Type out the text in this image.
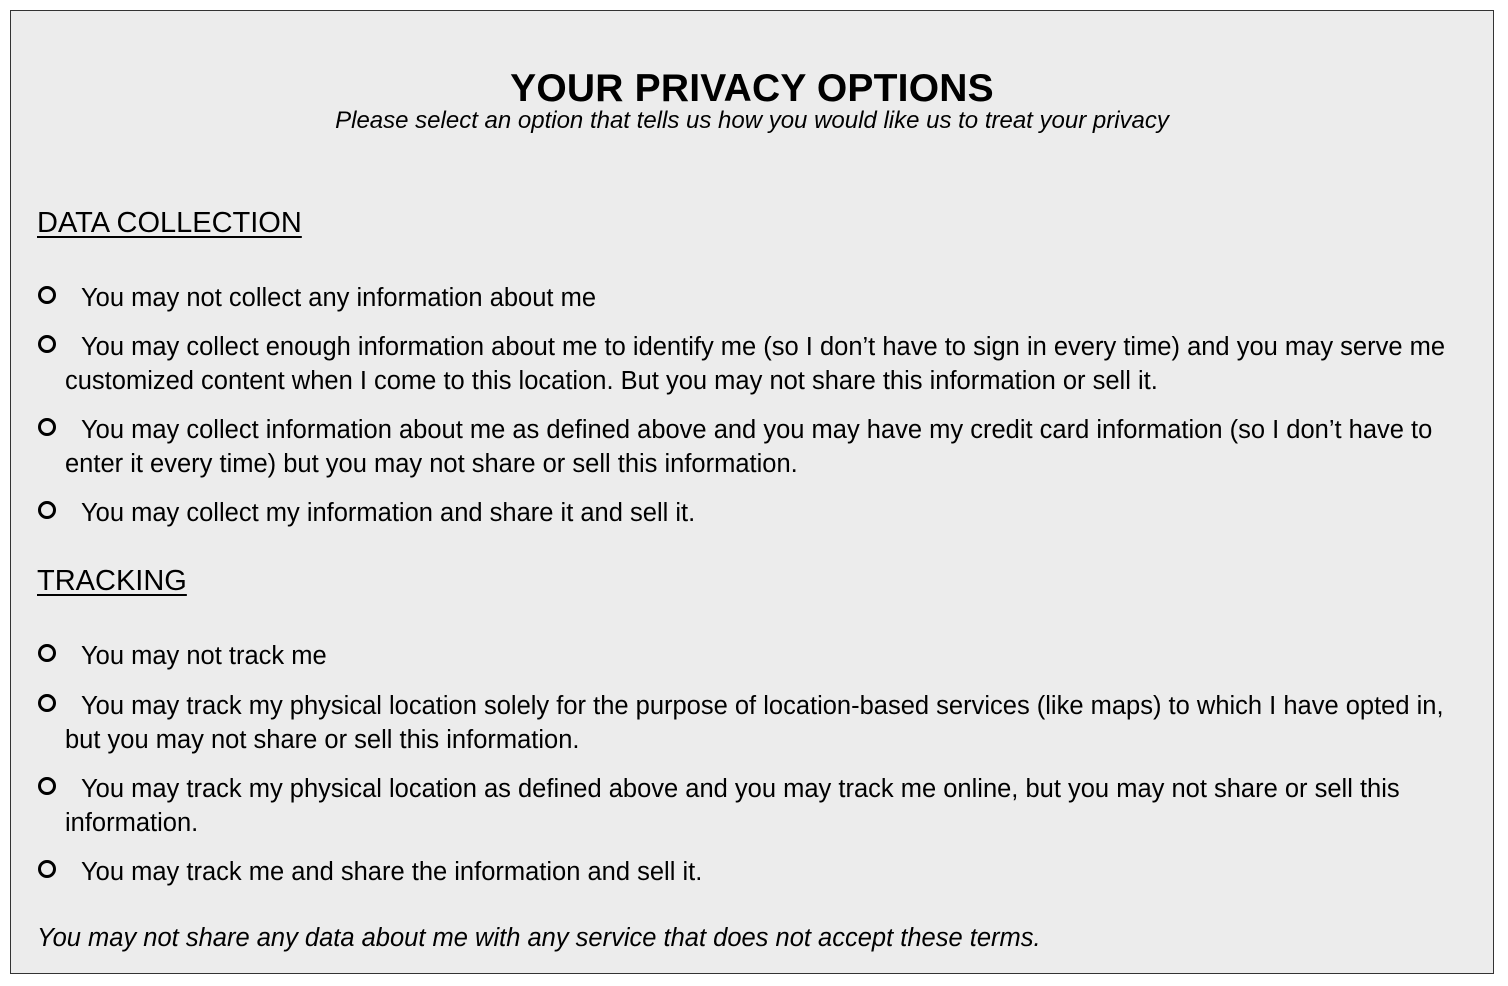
YOUR PRIVACY OPTIONS
Please select an option that tells us how you would like us to treat your privacy
DATA COLLECTION
You may not collect any information about me
You may collect enough information about me to identify me (so I don’t have to sign in every time) and you may serve me customized content when I come to this location. But you may not share this information or sell it.
You may collect information about me as defined above and you may have my credit card information (so I don’t have to enter it every time) but you may not share or sell this information.
You may collect my information and share it and sell it.
TRACKING
You may not track me
You may track my physical location solely for the purpose of location-based services (like maps) to which I have opted in, but you may not share or sell this information.
You may track my physical location as defined above and you may track me online, but you may not share or sell this information.
You may track me and share the information and sell it.
You may not share any data about me with any service that does not accept these terms.
